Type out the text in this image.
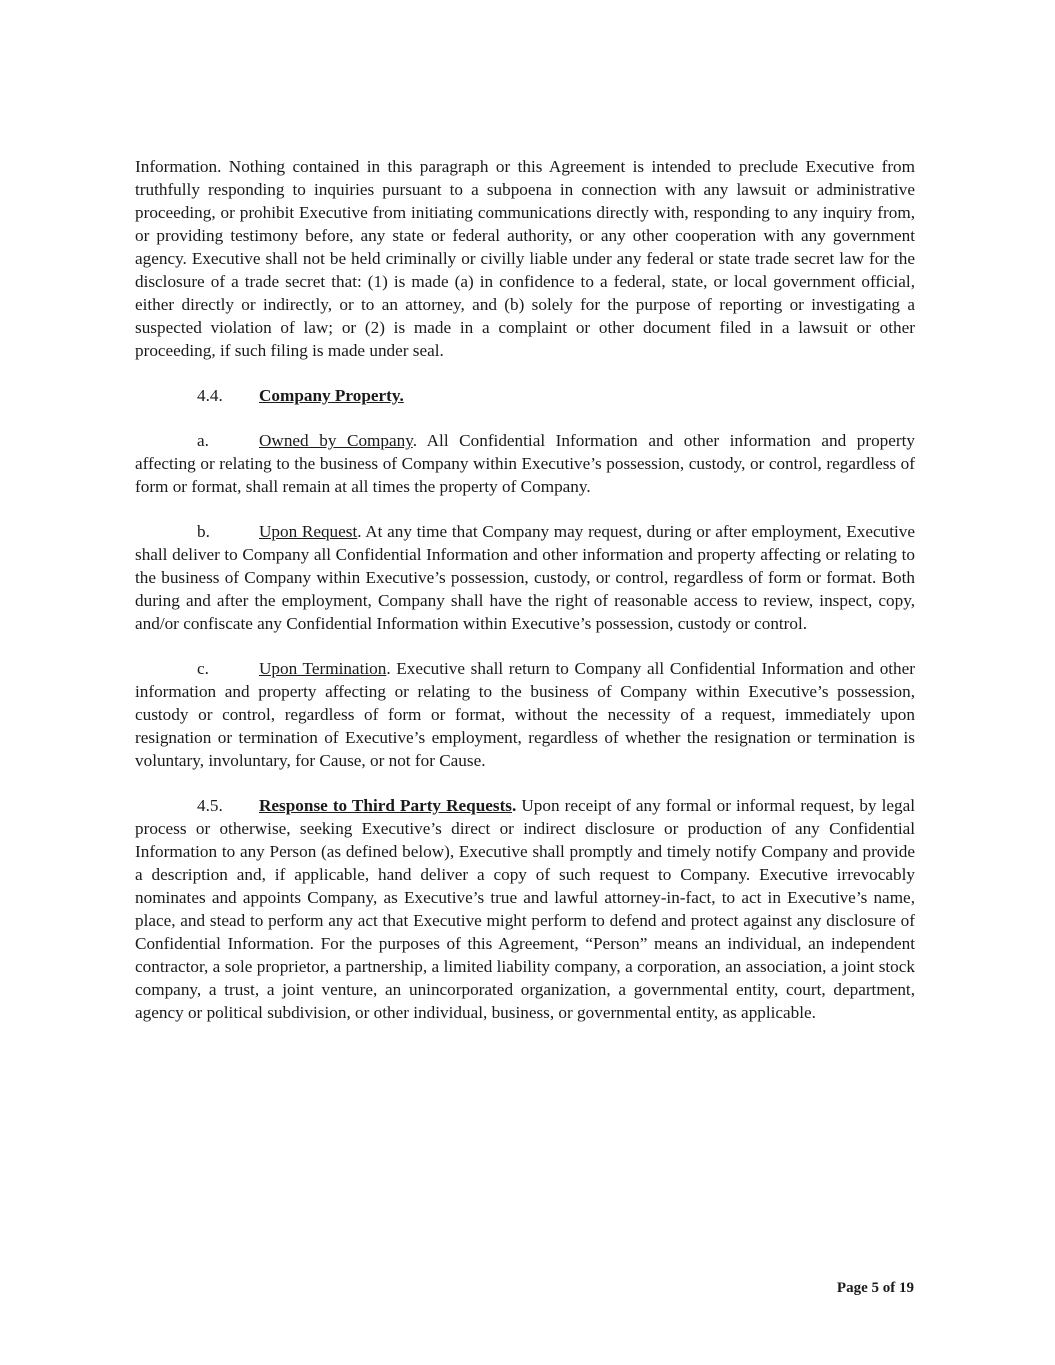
Information. Nothing contained in this paragraph or this Agreement is intended to preclude Executive from truthfully responding to inquiries pursuant to a subpoena in connection with any lawsuit or administrative proceeding, or prohibit Executive from initiating communications directly with, responding to any inquiry from, or providing testimony before, any state or federal authority, or any other cooperation with any government agency. Executive shall not be held criminally or civilly liable under any federal or state trade secret law for the disclosure of a trade secret that: (1) is made (a) in confidence to a federal, state, or local government official, either directly or indirectly, or to an attorney, and (b) solely for the purpose of reporting or investigating a suspected violation of law; or (2) is made in a complaint or other document filed in a lawsuit or other proceeding, if such filing is made under seal.

4.4. Company Property.

a.	Owned by Company. All Confidential Information and other information and property affecting or relating to the business of Company within Executive’s possession, custody, or control, regardless of form or format, shall remain at all times the property of Company.

b.	Upon Request. At any time that Company may request, during or after employment, Executive shall deliver to Company all Confidential Information and other information and property affecting or relating to the business of Company within Executive’s possession, custody, or control, regardless of form or format. Both during and after the employment, Company shall have the right of reasonable access to review, inspect, copy, and/or confiscate any Confidential Information within Executive’s possession, custody or control.

c.	Upon Termination. Executive shall return to Company all Confidential Information and other information and property affecting or relating to the business of Company within Executive’s possession, custody or control, regardless of form or format, without the necessity of a request, immediately upon resignation or termination of Executive’s employment, regardless of whether the resignation or termination is voluntary, involuntary, for Cause, or not for Cause.

4.5. Response to Third Party Requests. Upon receipt of any formal or informal request, by legal process or otherwise, seeking Executive’s direct or indirect disclosure or production of any Confidential Information to any Person (as defined below), Executive shall promptly and timely notify Company and provide a description and, if applicable, hand deliver a copy of such request to Company. Executive irrevocably nominates and appoints Company, as Executive’s true and lawful attorney-in-fact, to act in Executive’s name, place, and stead to perform any act that Executive might perform to defend and protect against any disclosure of Confidential Information. For the purposes of this Agreement, “Person” means an individual, an independent contractor, a sole proprietor, a partnership, a limited liability company, a corporation, an association, a joint stock company, a trust, a joint venture, an unincorporated organization, a governmental entity, court, department, agency or political subdivision, or other individual, business, or governmental entity, as applicable.

Page 5 of 19
